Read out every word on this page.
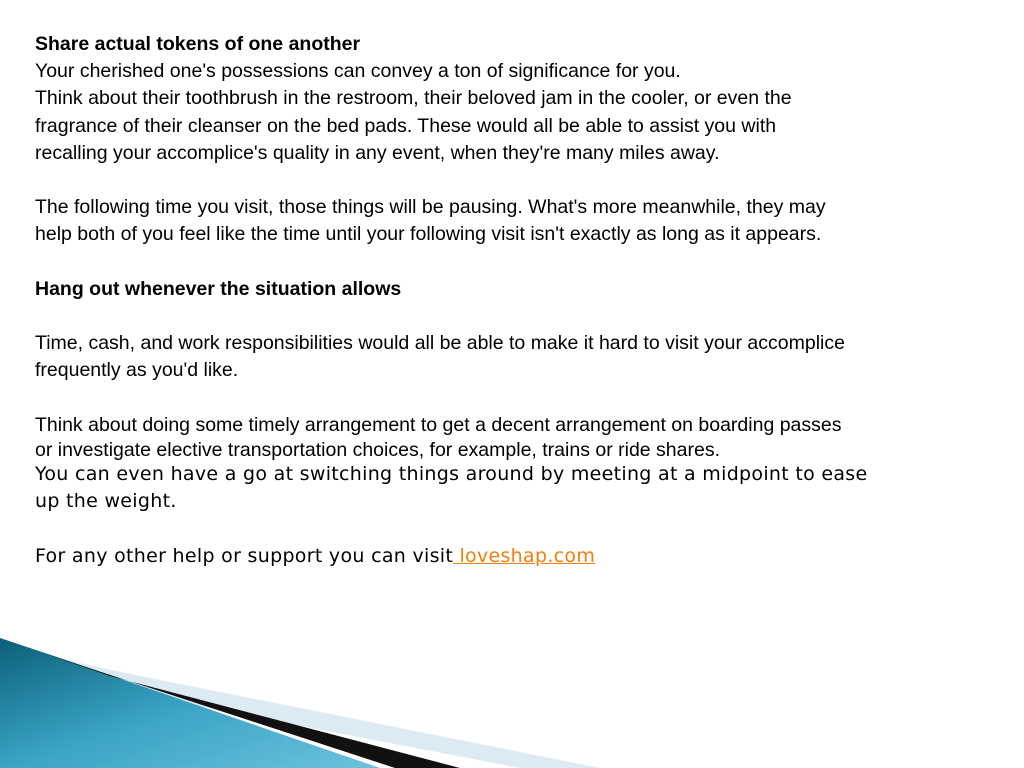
Share actual tokens of one another

Your cherished one's possessions can convey a ton of significance for you.

Think about their toothbrush in the restroom, their beloved jam in the cooler, or even the

fragrance of their cleanser on the bed pads. These would all be able to assist you with

recalling your accomplice's quality in any event, when they're many miles away.

The following time you visit, those things will be pausing. What's more meanwhile, they may

help both of you feel like the time until your following visit isn't exactly as long as it appears.

Hang out whenever the situation allows

Time, cash, and work responsibilities would all be able to make it hard to visit your accomplice

frequently as you'd like.

Think about doing some timely arrangement to get a decent arrangement on boarding passes

or investigate elective transportation choices, for example, trains or ride shares.

You can even have a go at switching things around by meeting at a midpoint to ease

up the weight.

For any other help or support you can visit loveshap.com
